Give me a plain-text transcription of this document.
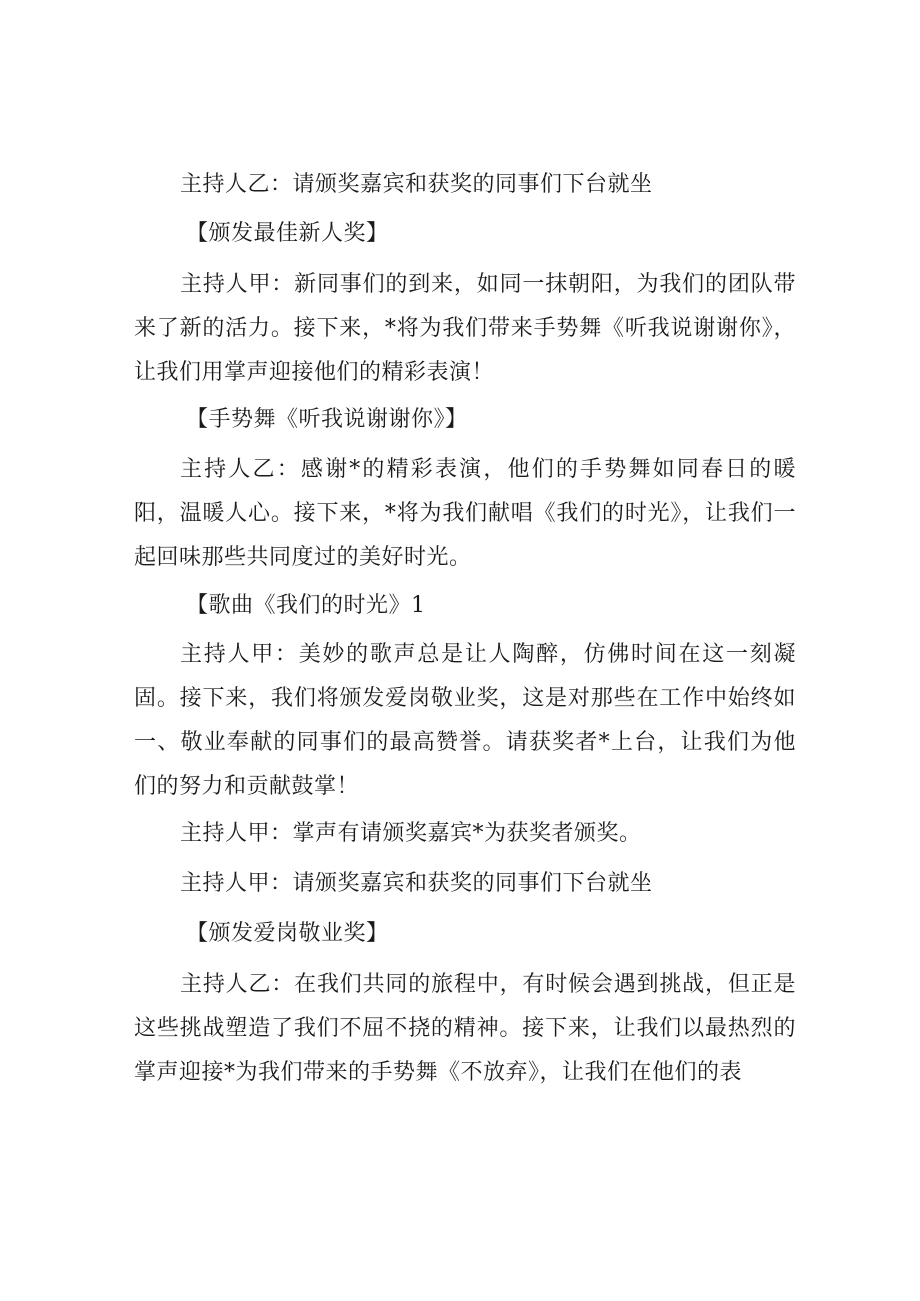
主持人乙：请颁奖嘉宾和获奖的同事们下台就坐

【颁发最佳新人奖】

主持人甲：新同事们的到来，如同一抹朝阳，为我们的团队带来了新的活力。接下来，*将为我们带来手势舞《听我说谢谢你》，让我们用掌声迎接他们的精彩表演！

【手势舞《听我说谢谢你》】

主持人乙：感谢*的精彩表演，他们的手势舞如同春日的暖阳，温暖人心。接下来，*将为我们献唱《我们的时光》，让我们一起回味那些共同度过的美好时光。

【歌曲《我们的时光》1

主持人甲：美妙的歌声总是让人陶醉，仿佛时间在这一刻凝固。接下来，我们将颁发爱岗敬业奖，这是对那些在工作中始终如一、敬业奉献的同事们的最高赞誉。请获奖者*上台，让我们为他们的努力和贡献鼓掌！

主持人甲：掌声有请颁奖嘉宾*为获奖者颁奖。

主持人甲：请颁奖嘉宾和获奖的同事们下台就坐

【颁发爱岗敬业奖】

主持人乙：在我们共同的旅程中，有时候会遇到挑战，但正是这些挑战塑造了我们不屈不挠的精神。接下来，让我们以最热烈的掌声迎接*为我们带来的手势舞《不放弃》，让我们在他们的表
